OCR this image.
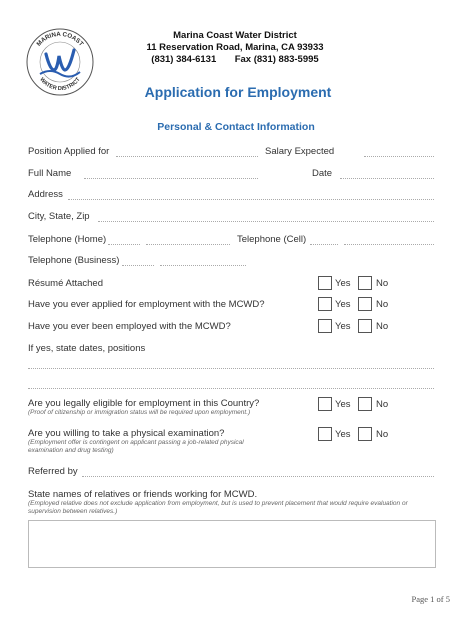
MARINA COAST
WATER DISTRICT
Marina Coast Water District
11 Reservation Road, Marina, CA 93933
(831) 384-6131       Fax (831) 883-5995
Application for Employment
Personal & Contact Information
Position Applied for	Salary Expected
Full Name	Date
Address
City, State, Zip
Telephone (Home)	Telephone (Cell)
Telephone (Business)
Résumé Attached	Yes	No
Have you ever applied for employment with the MCWD?	Yes	No
Have you ever been employed with the MCWD?	Yes	No
If yes, state dates, positions
Are you legally eligible for employment in this Country?
(Proof of citizenship or immigration status will be required upon employment.)
Yes	No
Are you willing to take a physical examination?
(Employment offer is contingent on applicant passing a job-related physical
examination and drug testing)
Yes	No
Referred by
State names of relatives or friends working for MCWD.
(Employed relative does not exclude application from employment, but is used to prevent placement that would require evaluation or
supervision between relatives.)
Page 1 of 5
